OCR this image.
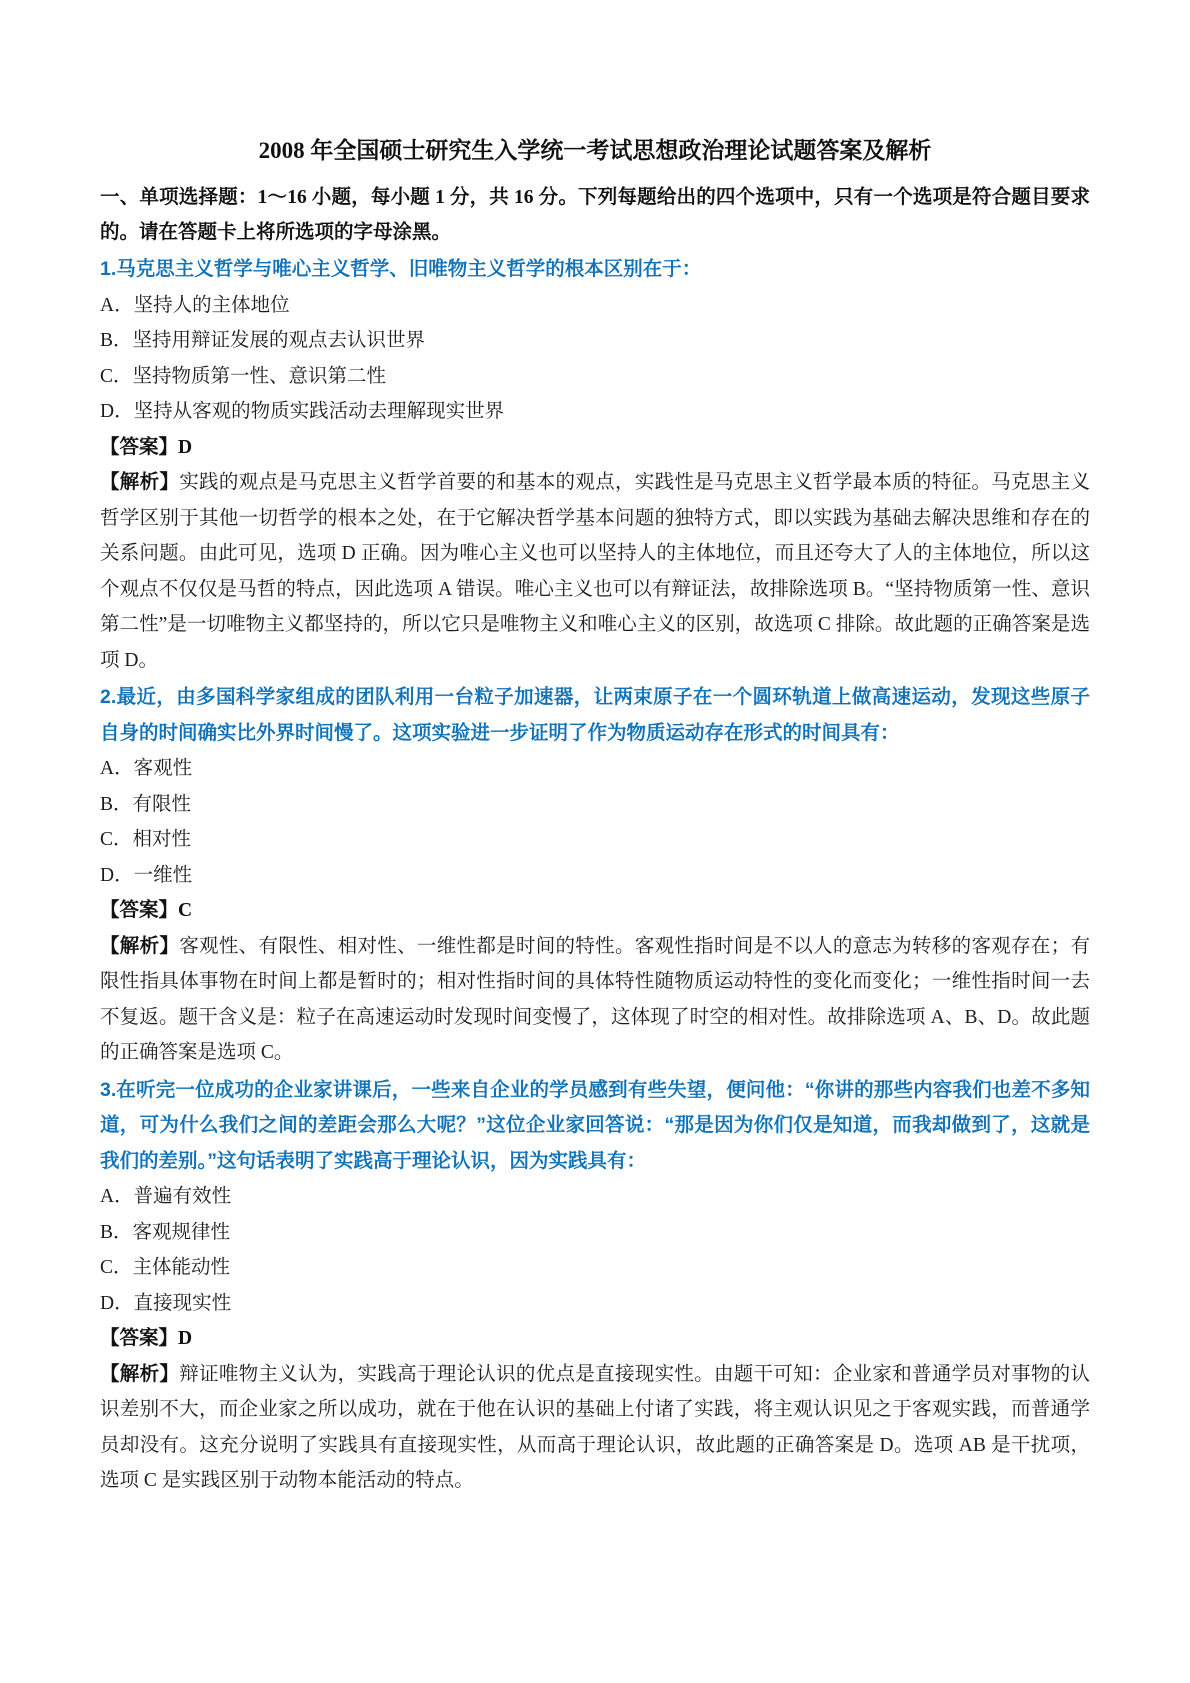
2008 年全国硕士研究生入学统一考试思想政治理论试题答案及解析

一、单项选择题：1～16 小题，每小题 1 分，共 16 分。下列每题给出的四个选项中，只有一个选项是符合题目要求的。请在答题卡上将所选项的字母涂黑。

1.马克思主义哲学与唯心主义哲学、旧唯物主义哲学的根本区别在于：

A．坚持人的主体地位

B．坚持用辩证发展的观点去认识世界

C．坚持物质第一性、意识第二性

D．坚持从客观的物质实践活动去理解现实世界

【答案】D

【解析】实践的观点是马克思主义哲学首要的和基本的观点，实践性是马克思主义哲学最本质的特征。马克思主义哲学区别于其他一切哲学的根本之处，在于它解决哲学基本问题的独特方式，即以实践为基础去解决思维和存在的关系问题。由此可见，选项 D 正确。因为唯心主义也可以坚持人的主体地位，而且还夸大了人的主体地位，所以这个观点不仅仅是马哲的特点，因此选项 A 错误。唯心主义也可以有辩证法，故排除选项 B。“坚持物质第一性、意识第二性”是一切唯物主义都坚持的，所以它只是唯物主义和唯心主义的区别，故选项 C 排除。故此题的正确答案是选项 D。

2.最近，由多国科学家组成的团队利用一台粒子加速器，让两束原子在一个圆环轨道上做高速运动，发现这些原子自身的时间确实比外界时间慢了。这项实验进一步证明了作为物质运动存在形式的时间具有：

A．客观性

B．有限性

C．相对性

D．一维性

【答案】C

【解析】客观性、有限性、相对性、一维性都是时间的特性。客观性指时间是不以人的意志为转移的客观存在；有限性指具体事物在时间上都是暂时的；相对性指时间的具体特性随物质运动特性的变化而变化；一维性指时间一去不复返。题干含义是：粒子在高速运动时发现时间变慢了，这体现了时空的相对性。故排除选项 A、B、D。故此题的正确答案是选项 C。

3.在听完一位成功的企业家讲课后，一些来自企业的学员感到有些失望，便问他：“你讲的那些内容我们也差不多知道，可为什么我们之间的差距会那么大呢？”这位企业家回答说：“那是因为你们仅是知道，而我却做到了，这就是我们的差别。”这句话表明了实践高于理论认识，因为实践具有：

A．普遍有效性

B．客观规律性

C．主体能动性

D．直接现实性

【答案】D

【解析】辩证唯物主义认为，实践高于理论认识的优点是直接现实性。由题干可知：企业家和普通学员对事物的认识差别不大，而企业家之所以成功，就在于他在认识的基础上付诸了实践，将主观认识见之于客观实践，而普通学员却没有。这充分说明了实践具有直接现实性，从而高于理论认识，故此题的正确答案是 D。选项 AB 是干扰项，选项 C 是实践区别于动物本能活动的特点。
